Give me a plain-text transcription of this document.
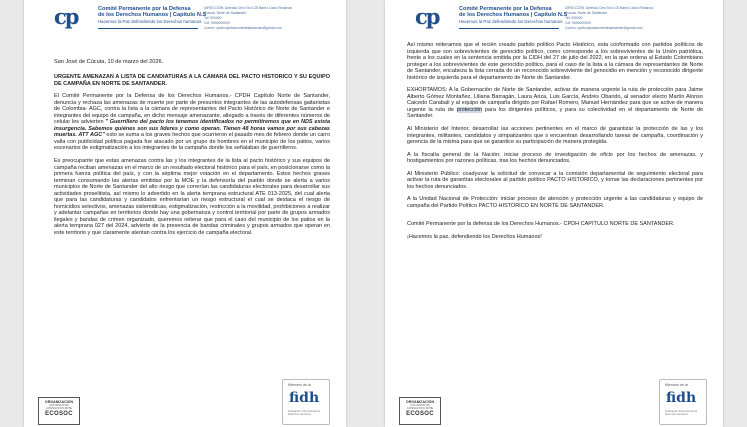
cp	Comité Permanente por la Defensa
de los Derechos Humanos | Capítulo N.S
Hacemos la Paz defendiendo los Derechos humanos
DIRECCIÓN: Avenida Cero No 0-00 Barrio Llano Redanza
Cúcuta, Norte de Santander
Tel: 000000
Cel: 0000000000
Correo: cpdh.capitulonortedesantander@gmail.com
San José de Cúcuta, 10 de marzo del 2026.

URGENTE AMENAZAN A LISTA DE CANDIATURAS A LA CAMARA DEL PACTO HISTORICO Y SU EQUIPO DE CAMPAÑA EN NORTE DE SANTANDER.

El Comité Permanente por la Defensa de los Derechos Humanos.- CPDH Capítulo Norte de Santander, denuncia y rechaza las amenazas de muerte por parte de presuntos integrantes de las autodefensas gaitanistas de Colombia- AGC, contra la lista a la cámara de representantes del Pacto Histórico de Norte de Santander e integrantes del equipo de campaña, en dicho mensaje amenazante, allegado a través de diferentes números de celular les advierten " Guerrillero del pacto los tenemos identificados no permitiremos que en NDS exista insurgencia. Sabemos quiénes son sus líderes y como operan. Tienen 48 horas vamos por sus cabezas muertas. ATT AGC" esto se suma a los graves hechos que ocurrieron el pasado mes de febrero donde un carro valla con publicidad política pagada fue atacado por un grupo de hombres en el municipio de los patios, varios escenarios de estigmatización a los integrantes de la campaña donde los señalaban de guerrilleros.

Es preocupante que estas amenazas contra las y los integrantes de la lista al pacto histórico y sus equipos de campaña reciban amenazas en el marco de un resultado electoral histórico para el país, en posicionarse como la primera fuerza política del país, y con la séptima mejor votación en el departamento. Estos hechos graves terminan consumando las alertas emitidas por la MOE y la defensoría del pueblo donde se alerta a varios municipios de Norte de Santander del alto riesgo que correrían las candidaturas electorales para desarrollar sus actividades proselitista, así mismo lo advertido en la alerta temprana estructural ATE 013-2025, del cual alerta que para las candidaturas y candidatos enfrentarían un riesgo estructural el cual se destaca el riesgo de homicidios selectivos, amenazas sistemáticas, estigmatización, restricción a la movilidad, prohibiciones a realizar y adelantar campañas en territorios donde hay una gobernanza y control territorial por parte de grupos armados ilegales y bandas de crimen organizado, queremos reiterar que para el caso del municipio de los patios en la alerta temprana 027 del 2024, advierte de la presencia de bandas criminales y grupos armados que operan en este territorio y que claramente atentan contra los ejercicio de campaña electoral.

ORGANIZACIÓN
CON ESTATUS
CONSULTIVO ANTE
ECOSOC
Miembro de la
fidh
Federación Internacional de Derechos Humanos
cp	Comité Permanente por la Defensa
de los Derechos Humanos | Capítulo N.S
Hacemos la Paz defendiendo los Derechos humanos
DIRECCIÓN: Avenida Cero No 0-00 Barrio Llano Redanza
Cúcuta, Norte de Santander
Tel: 000000
Cel: 0000000000
Correo: cpdh.capitulonortedesantander@gmail.com

Así mismo reiteramos que el recién creado partido político Pacto Histórico, esta conformado con partidos políticos de izquierda que son sobrevivientes de genocidio político, como corresponde a los sobrevivientes de la Unión patriótica, frente a los cuales en la sentencia emitida por la CIDH del 27 de julio del 2022, en la que ordena al Estado Colombiano proteger a los sobrevivientes de este genocidio político, para el caso de la lista a la cámara de representantes de Norte de Santander, encabeza la lista cerrada de un reconocido sobreviviente del genocidio en mención y reconocido dirigente histórico de izquierda para el departamento de Norte de Santander.

EXHORTAMOS: A la Gobernación de Norte de Santander, activar de manera urgente la ruta de protección para Jaime Alberto Gómez Montañez, Liliana Barragán, Laura Ariza, Luis García, Andrés Obando, al senador electo Martín Alonso Caicedo Carabalí y al equipo de campaña dirigido por Rafael Romero, Manuel Hernández para que se active de manera urgente la ruta de protección para los dirigentes políticos, y para su colectividad en el departamento de Norte de Santander.

Al Ministerio del Interior, desarrollar las acciones pertinentes en el marco de garantizar la protección de las y los integrantes, militantes, candidatos y simpatizantes que s encuentran desarrollando tareas de campaña, coordinación y gerencia de la misma para que se garantice su participación de manera protegida.

A la fiscalía general de la Nación: iniciar proceso de investigación de oficio por los hechos de amenazas, y hostigamientos por razones políticas, tras los hechos denunciados.

Al Ministerio Público: coadyuvar la solicitud de convocar a la comisión departamental de seguimiento electoral para activar la ruta de garantías electorales al partido político PACTO HISTORICO, y tomar las declaraciones pertinentes por los hechos denunciados.

A la Unidad Nacional de Protección: iniciar proceso de atención y protección urgente a las candidaturas y equipo de campaña del Partido Político PACTO HISTORICO EN NORTE DE SANTANDER.

Comité Permanente por la defensa de los Derechos Humanos.- CPDH CAPITULO NORTE DE SANTANDER.

¡Hacemos la paz, defendiendo los Derechos Humanos!

ORGANIZACIÓN
CON ESTATUS
CONSULTIVO ANTE
ECOSOC
Miembro de la
fidh
Federación Internacional de Derechos Humanos
